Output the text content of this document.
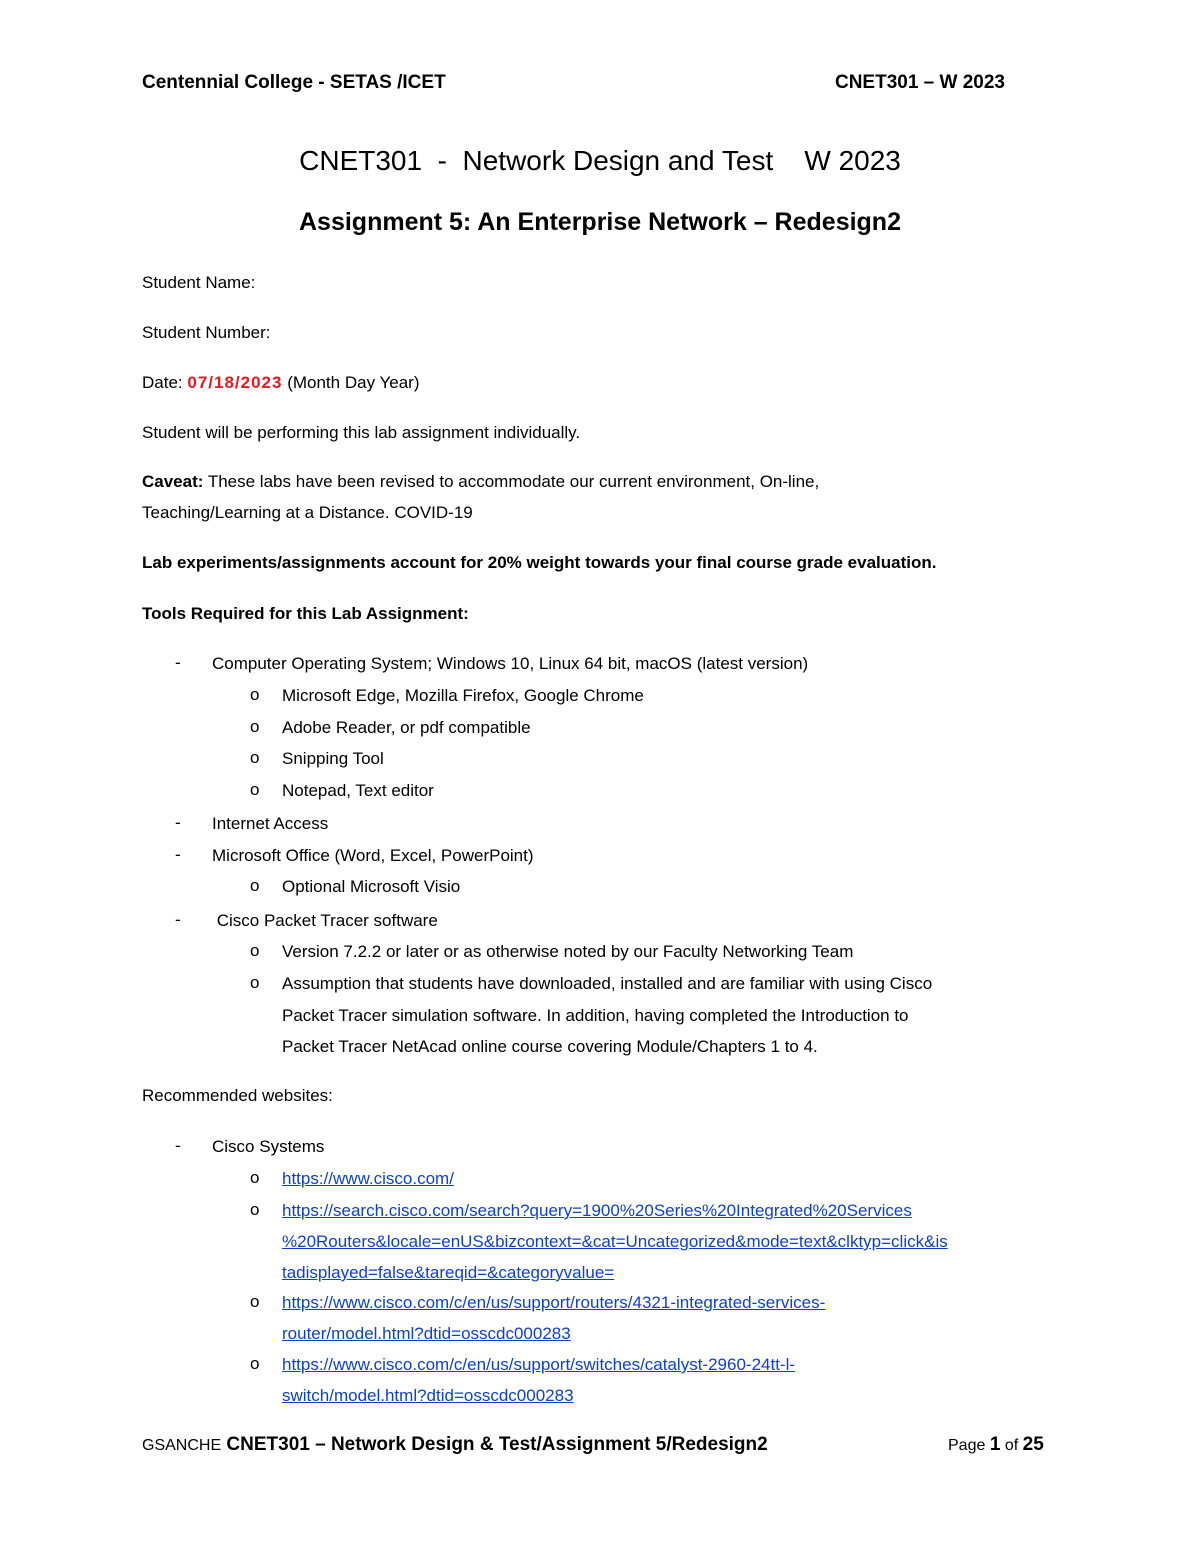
Centennial College - SETAS /ICET	CNET301 – W 2023
CNET301  -  Network Design and Test    W 2023
Assignment 5: An Enterprise Network – Redesign2
Student Name:
Student Number:
Date: 07/18/2023 (Month Day Year)
Student will be performing this lab assignment individually.
Caveat: These labs have been revised to accommodate our current environment, On-line,
Teaching/Learning at a Distance. COVID-19
Lab experiments/assignments account for 20% weight towards your final course grade evaluation.
Tools Required for this Lab Assignment:
- Computer Operating System; Windows 10, Linux 64 bit, macOS (latest version)
o Microsoft Edge, Mozilla Firefox, Google Chrome
o Adobe Reader, or pdf compatible
o Snipping Tool
o Notepad, Text editor
- Internet Access
- Microsoft Office (Word, Excel, PowerPoint)
o Optional Microsoft Visio
- Cisco Packet Tracer software
o Version 7.2.2 or later or as otherwise noted by our Faculty Networking Team
o Assumption that students have downloaded, installed and are familiar with using Cisco
Packet Tracer simulation software. In addition, having completed the Introduction to
Packet Tracer NetAcad online course covering Module/Chapters 1 to 4.
Recommended websites:
- Cisco Systems
o https://www.cisco.com/
o https://search.cisco.com/search?query=1900%20Series%20Integrated%20Services
%20Routers&locale=enUS&bizcontext=&cat=Uncategorized&mode=text&clktyp=click&is
tadisplayed=false&tareqid=&categoryvalue=
o https://www.cisco.com/c/en/us/support/routers/4321-integrated-services-
router/model.html?dtid=osscdc000283
o https://www.cisco.com/c/en/us/support/switches/catalyst-2960-24tt-l-
switch/model.html?dtid=osscdc000283
GSANCHE CNET301 – Network Design & Test/Assignment 5/Redesign2	Page 1 of 25
